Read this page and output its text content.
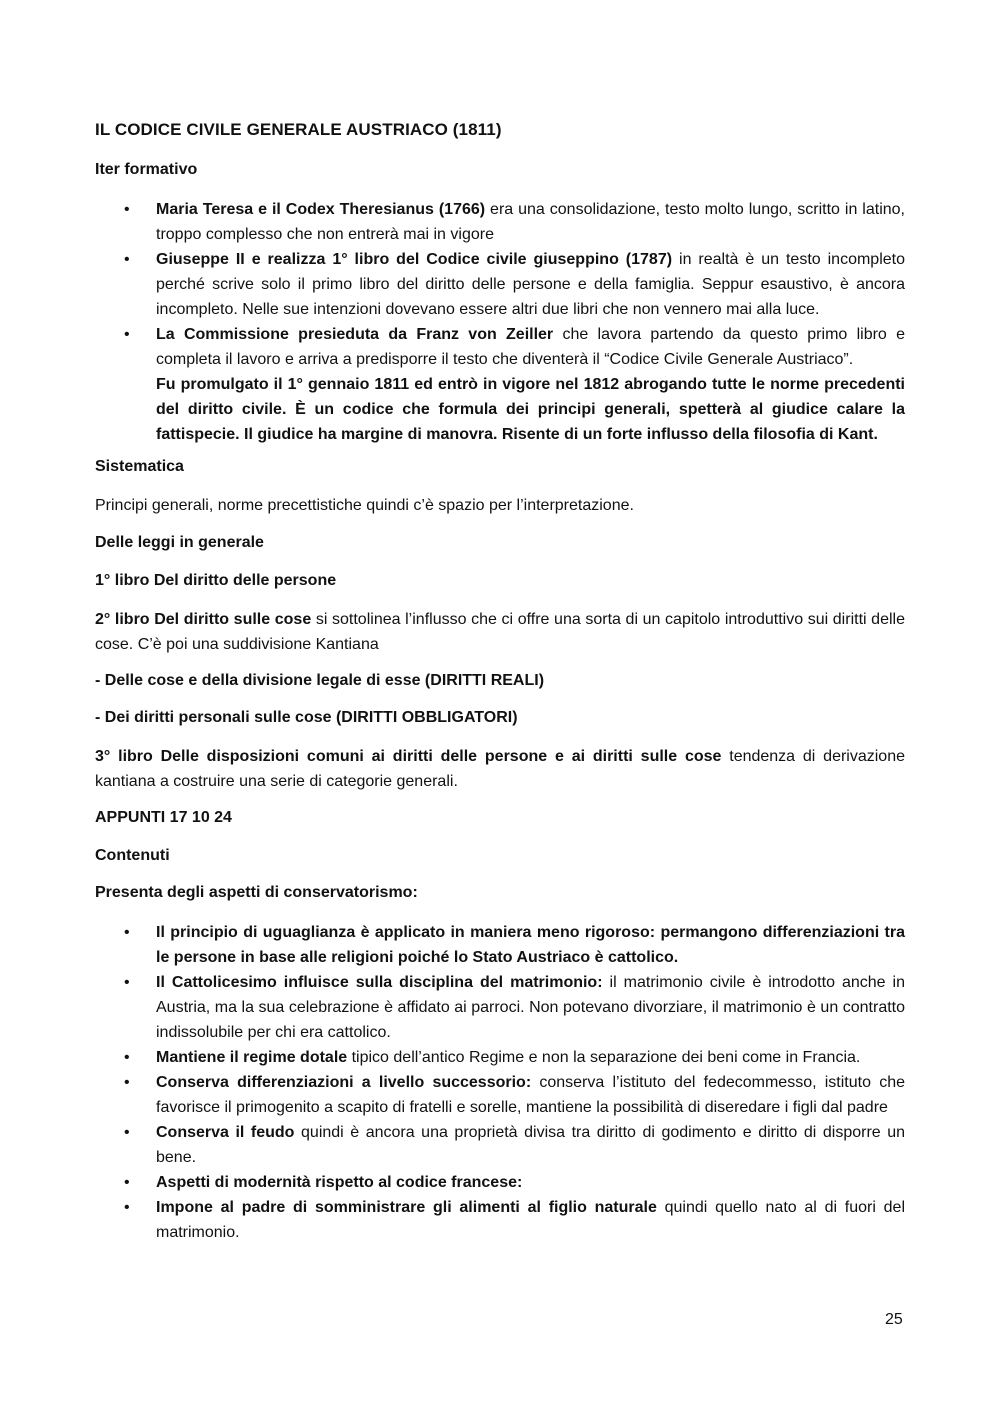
IL CODICE CIVILE GENERALE AUSTRIACO (1811)
Iter formativo
• Maria Teresa e il Codex Theresianus (1766) era una consolidazione, testo molto lungo, scritto in latino, troppo complesso che non entrerà mai in vigore
• Giuseppe II e realizza 1° libro del Codice civile giuseppino (1787) in realtà è un testo incompleto perché scrive solo il primo libro del diritto delle persone e della famiglia. Seppur esaustivo, è ancora incompleto. Nelle sue intenzioni dovevano essere altri due libri che non vennero mai alla luce.
• La Commissione presieduta da Franz von Zeiller che lavora partendo da questo primo libro e completa il lavoro e arriva a predisporre il testo che diventerà il “Codice Civile Generale Austriaco”.
Fu promulgato il 1° gennaio 1811 ed entrò in vigore nel 1812 abrogando tutte le norme precedenti del diritto civile. È un codice che formula dei principi generali, spetterà al giudice calare la fattispecie. Il giudice ha margine di manovra. Risente di un forte influsso della filosofia di Kant.
Sistematica
Principi generali, norme precettistiche quindi c’è spazio per l’interpretazione.
Delle leggi in generale
1° libro Del diritto delle persone
2° libro Del diritto sulle cose si sottolinea l’influsso che ci offre una sorta di un capitolo introduttivo sui diritti delle cose. C’è poi una suddivisione Kantiana
- Delle cose e della divisione legale di esse (DIRITTI REALI)
- Dei diritti personali sulle cose (DIRITTI OBBLIGATORI)
3° libro Delle disposizioni comuni ai diritti delle persone e ai diritti sulle cose tendenza di derivazione kantiana a costruire una serie di categorie generali.
APPUNTI 17 10 24
Contenuti
Presenta degli aspetti di conservatorismo:
• Il principio di uguaglianza è applicato in maniera meno rigoroso: permangono differenziazioni tra le persone in base alle religioni poiché lo Stato Austriaco è cattolico.
• Il Cattolicesimo influisce sulla disciplina del matrimonio: il matrimonio civile è introdotto anche in Austria, ma la sua celebrazione è affidato ai parroci. Non potevano divorziare, il matrimonio è un contratto indissolubile per chi era cattolico.
• Mantiene il regime dotale tipico dell’antico Regime e non la separazione dei beni come in Francia.
• Conserva differenziazioni a livello successorio: conserva l’istituto del fedecommesso, istituto che favorisce il primogenito a scapito di fratelli e sorelle, mantiene la possibilità di diseredare i figli dal padre
• Conserva il feudo quindi è ancora una proprietà divisa tra diritto di godimento e diritto di disporre un bene.
• Aspetti di modernità rispetto al codice francese:
• Impone al padre di somministrare gli alimenti al figlio naturale quindi quello nato al di fuori del matrimonio.
25
